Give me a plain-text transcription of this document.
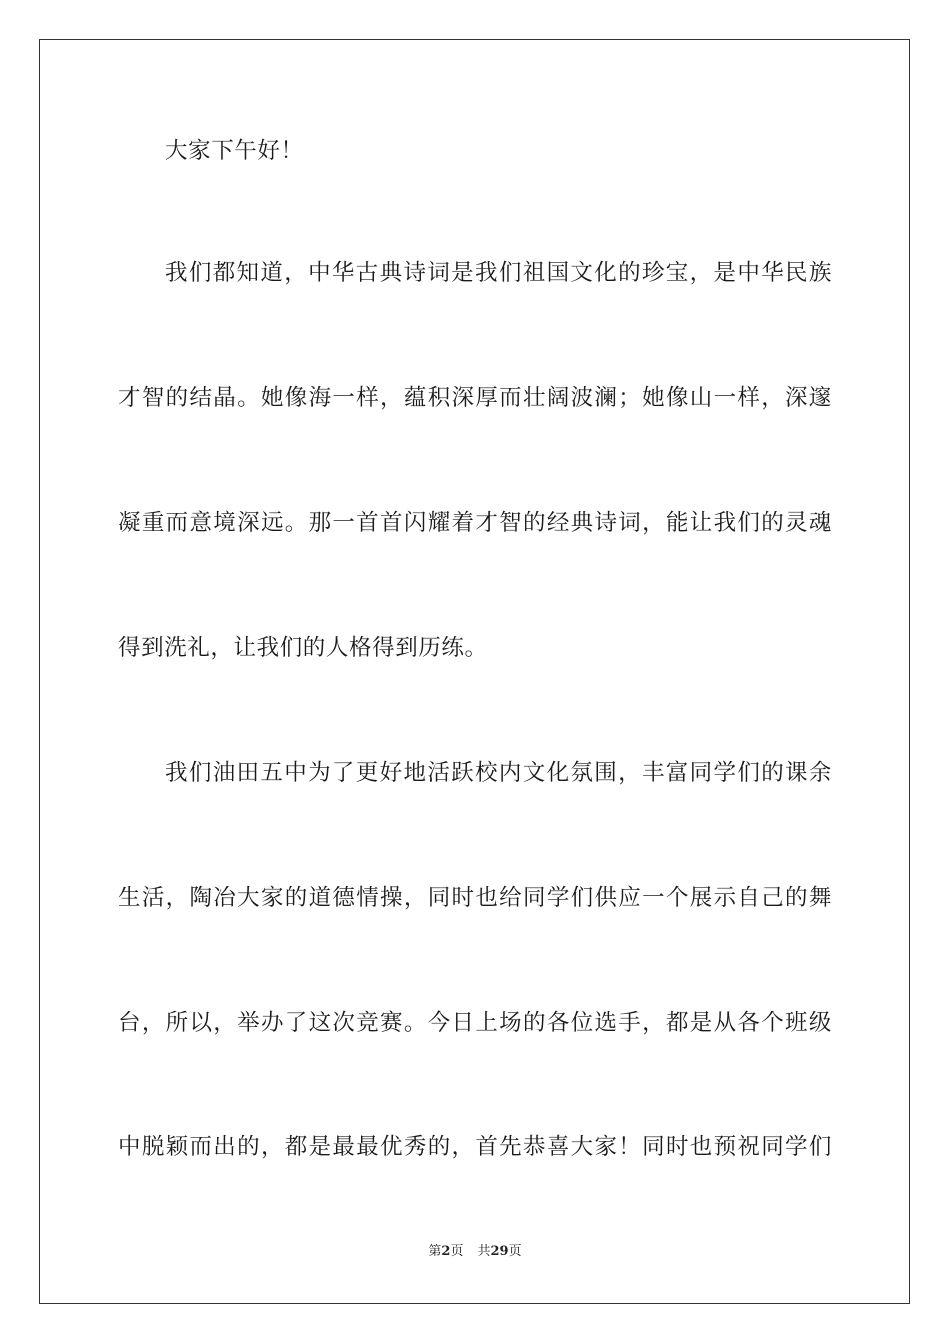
大家下午好！
我们都知道，中华古典诗词是我们祖国文化的珍宝，是中华民族
才智的结晶。她像海一样，蕴积深厚而壮阔波澜；她像山一样，深邃
凝重而意境深远。那一首首闪耀着才智的经典诗词，能让我们的灵魂
得到洗礼，让我们的人格得到历练。
我们油田五中为了更好地活跃校内文化氛围，丰富同学们的课余
生活，陶冶大家的道德情操，同时也给同学们供应一个展示自己的舞
台，所以，举办了这次竞赛。今日上场的各位选手，都是从各个班级
中脱颖而出的，都是最最优秀的，首先恭喜大家！同时也预祝同学们
第2页 共29页
